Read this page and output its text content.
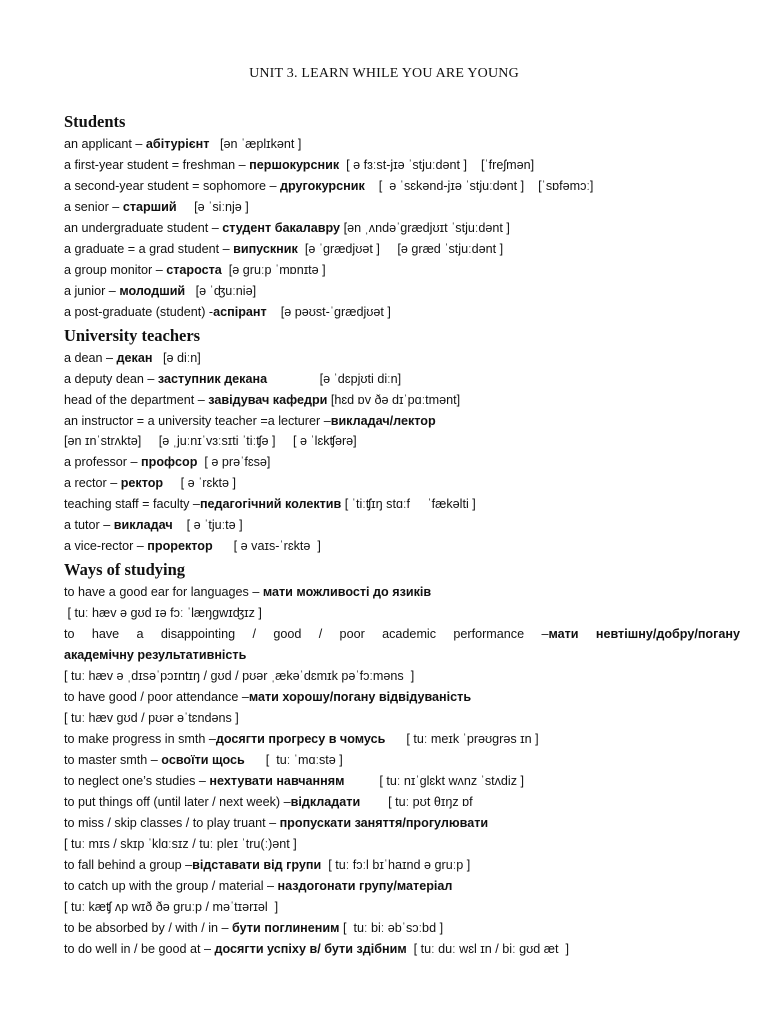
UNIT 3. LEARN WHILE YOU ARE YOUNG
Students
an applicant – абітурієнт   [ən ˈæplɪkənt ]
a first-year student = freshman – першокурсник  [ ə fɜːst-jɪə ˈstjuːdənt ]    [ˈfreʃmən]
a second-year student = sophomore – другокурсник    [  ə ˈsɛkənd-jɪə ˈstjuːdənt ]    [ˈsɒfəmɔː]
a senior – старший     [ə ˈsiːnjə ]
an undergraduate student – студент бакалавру [ən ˌʌndəˈgrædjʊɪt ˈstjuːdənt ]
a graduate = a grad student – випускник  [ə ˈgrædjʊət ]     [ə græd ˈstjuːdənt ]
a group monitor – староста  [ə gruːp ˈmɒnɪtə ]
a junior – молодший   [ə ˈʤuːniə]
a post-graduate (student) -аспірант    [ə pəʊst-ˈgrædjʊət ]
University teachers
a dean – декан   [ə diːn]
a deputy dean – заступник декана               [ə ˈdɛpjʊti diːn]
head of the department – завідувач кафедри [hɛd ɒv ðə dɪˈpɑːtmənt]
an instructor = a university teacher =a lecturer –викладач/лектор
[ən ɪnˈstrʌktə]     [ə ˌjuːnɪˈvɜːsɪti ˈtiːʧə ]     [ ə ˈlɛkʧərə]
a professor – профсор  [ ə prəˈfɛsə]
a rector – ректор     [ ə ˈrɛktə ]
teaching staff = faculty –педагогічний колектив [ ˈtiːʧɪŋ stɑːf     ˈfækəlti ]
a tutor – викладач    [ ə ˈtjuːtə ]
a vice-rector – проректор      [ ə vaɪs-ˈrɛktə  ]
Ways of studying
to have a good ear for languages – мати можливості до язиків
[ tuː hæv ə gʊd ɪə fɔː ˈlæŋgwɪʤɪz ]
to have a disappointing / good / poor academic performance –мати невтішну/добру/погану
академічну результативність
[ tuː hæv ə ˌdɪsəˈpɔɪntɪŋ / gʊd / pʊər ˌækəˈdɛmɪk pəˈfɔːməns  ]
to have good / poor attendance –мати хорошу/погану відвідуваність
[ tuː hæv gʊd / pʊər əˈtɛndəns ]
to make progress in smth –досягти прогресу в чомусь      [ tuː meɪk ˈprəʊgrəs ɪn ]
to master smth – освоїти щось      [  tuː ˈmɑːstə ]
to neglect one’s studies – нехтувати навчанням          [ tuː nɪˈglɛkt wʌnz ˈstʌdiz ]
to put things off (until later / next week) –відкладати        [ tuː pʊt θɪŋz ɒf
to miss / skip classes / to play truant – пропускати заняття/прогулювати
[ tuː mɪs / skɪp ˈklɑːsɪz / tuː pleɪ ˈtru(ː)ənt ]
to fall behind a group –відставати від групи  [ tuː fɔːl bɪˈhaɪnd ə gruːp ]
to catch up with the group / material – наздогонати групу/матеріал
[ tuː kæʧ ʌp wɪð ðə gruːp / məˈtɪərɪəl  ]
to be absorbed by / with / in – бути поглиненим [  tuː biː əbˈsɔːbd ]
to do well in / be good at – досягти успіху в/ бути здібним  [ tuː duː wɛl ɪn / biː gʊd æt  ]
